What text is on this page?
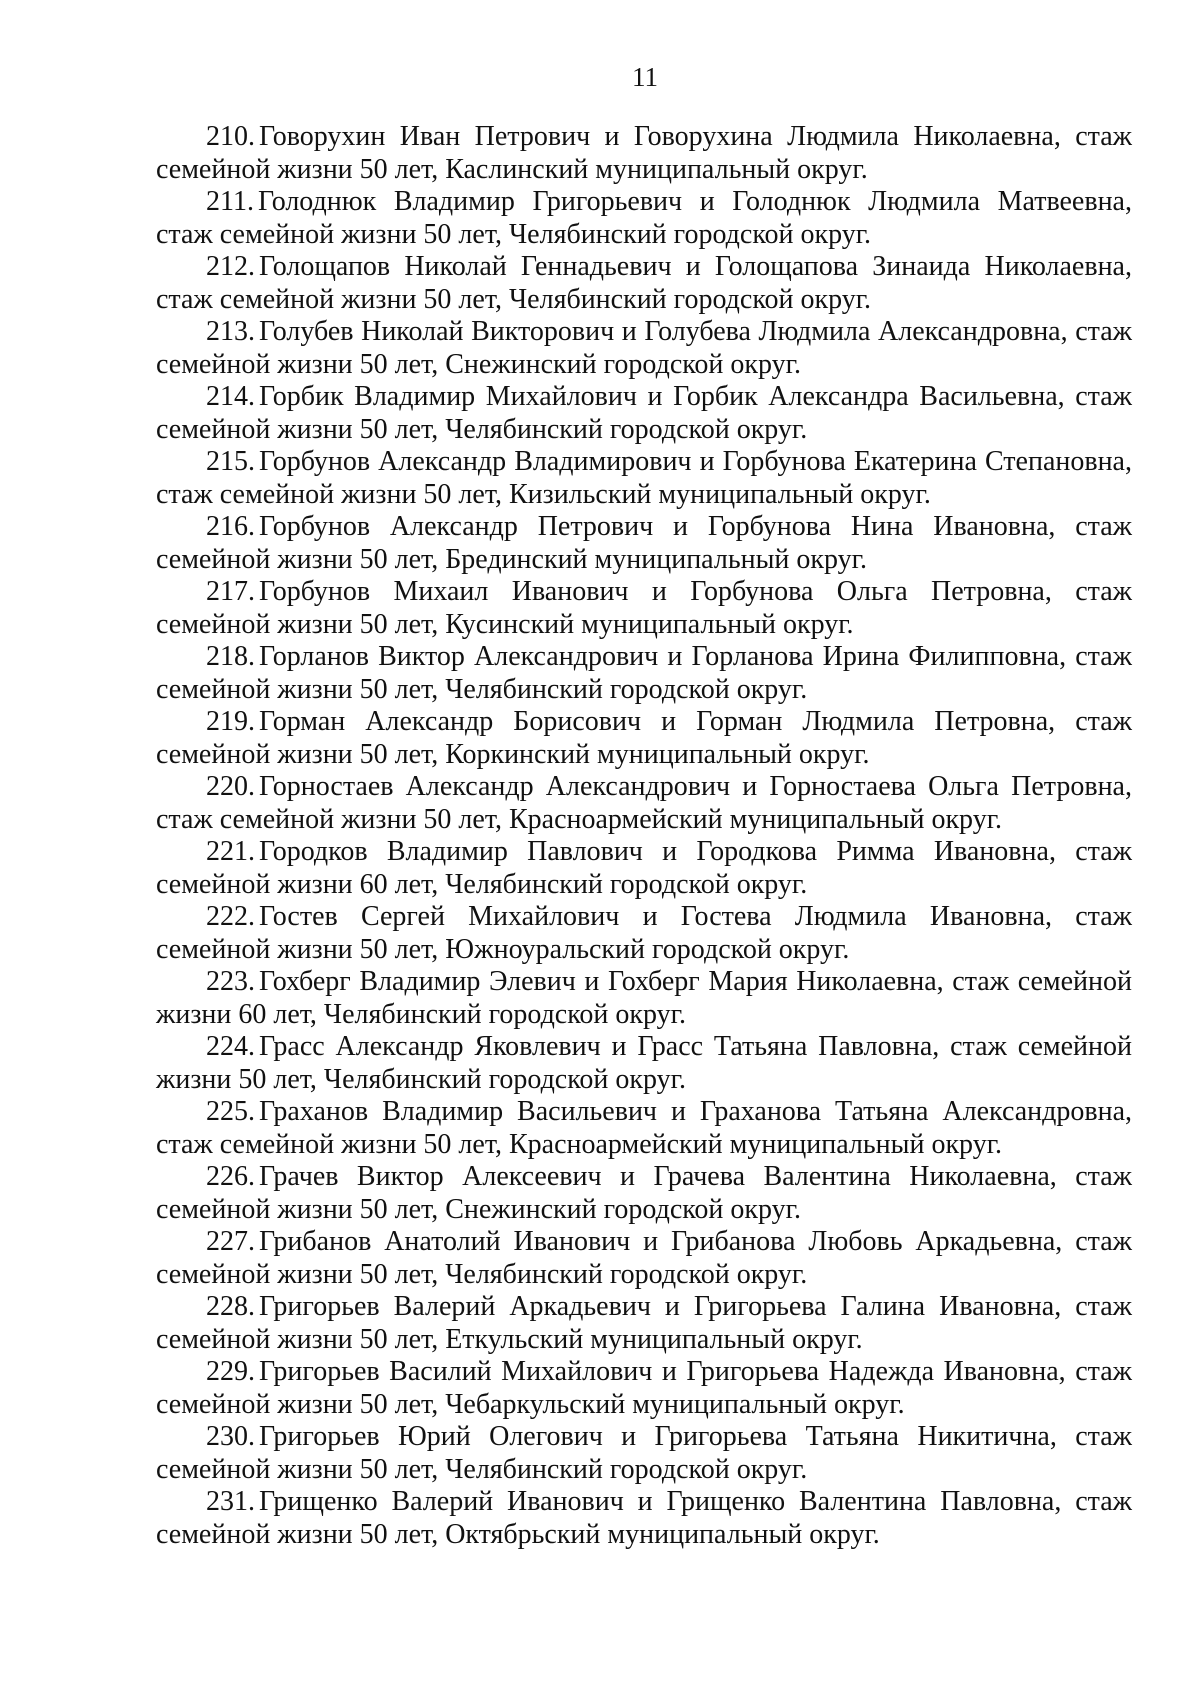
11
210. Говорухин Иван Петрович и Говорухина Людмила Николаевна, стаж семейной жизни 50 лет, Каслинский муниципальный округ.
211. Голоднюк Владимир Григорьевич и Голоднюк Людмила Матвеевна, стаж семейной жизни 50 лет, Челябинский городской округ.
212. Голощапов Николай Геннадьевич и Голощапова Зинаида Николаевна, стаж семейной жизни 50 лет, Челябинский городской округ.
213. Голубев Николай Викторович и Голубева Людмила Александровна, стаж семейной жизни 50 лет, Снежинский городской округ.
214. Горбик Владимир Михайлович и Горбик Александра Васильевна, стаж семейной жизни 50 лет, Челябинский городской округ.
215. Горбунов Александр Владимирович и Горбунова Екатерина Степановна, стаж семейной жизни 50 лет, Кизильский муниципальный округ.
216. Горбунов Александр Петрович и Горбунова Нина Ивановна, стаж семейной жизни 50 лет, Брединский муниципальный округ.
217. Горбунов Михаил Иванович и Горбунова Ольга Петровна, стаж семейной жизни 50 лет, Кусинский муниципальный округ.
218. Горланов Виктор Александрович и Горланова Ирина Филипповна, стаж семейной жизни 50 лет, Челябинский городской округ.
219. Горман Александр Борисович и Горман Людмила Петровна, стаж семейной жизни 50 лет, Коркинский муниципальный округ.
220. Горностаев Александр Александрович и Горностаева Ольга Петровна, стаж семейной жизни 50 лет, Красноармейский муниципальный округ.
221. Городков Владимир Павлович и Городкова Римма Ивановна, стаж семейной жизни 60 лет, Челябинский городской округ.
222. Гостев Сергей Михайлович и Гостева Людмила Ивановна, стаж семейной жизни 50 лет, Южноуральский городской округ.
223. Гохберг Владимир Элевич и Гохберг Мария Николаевна, стаж семейной жизни 60 лет, Челябинский городской округ.
224. Грасс Александр Яковлевич и Грасс Татьяна Павловна, стаж семейной жизни 50 лет, Челябинский городской округ.
225. Граханов Владимир Васильевич и Граханова Татьяна Александровна, стаж семейной жизни 50 лет, Красноармейский муниципальный округ.
226. Грачев Виктор Алексеевич и Грачева Валентина Николаевна, стаж семейной жизни 50 лет, Снежинский городской округ.
227. Грибанов Анатолий Иванович и Грибанова Любовь Аркадьевна, стаж семейной жизни 50 лет, Челябинский городской округ.
228. Григорьев Валерий Аркадьевич и Григорьева Галина Ивановна, стаж семейной жизни 50 лет, Еткульский муниципальный округ.
229. Григорьев Василий Михайлович и Григорьева Надежда Ивановна, стаж семейной жизни 50 лет, Чебаркульский муниципальный округ.
230. Григорьев Юрий Олегович и Григорьева Татьяна Никитична, стаж семейной жизни 50 лет, Челябинский городской округ.
231. Грищенко Валерий Иванович и Грищенко Валентина Павловна, стаж семейной жизни 50 лет, Октябрьский муниципальный округ.
